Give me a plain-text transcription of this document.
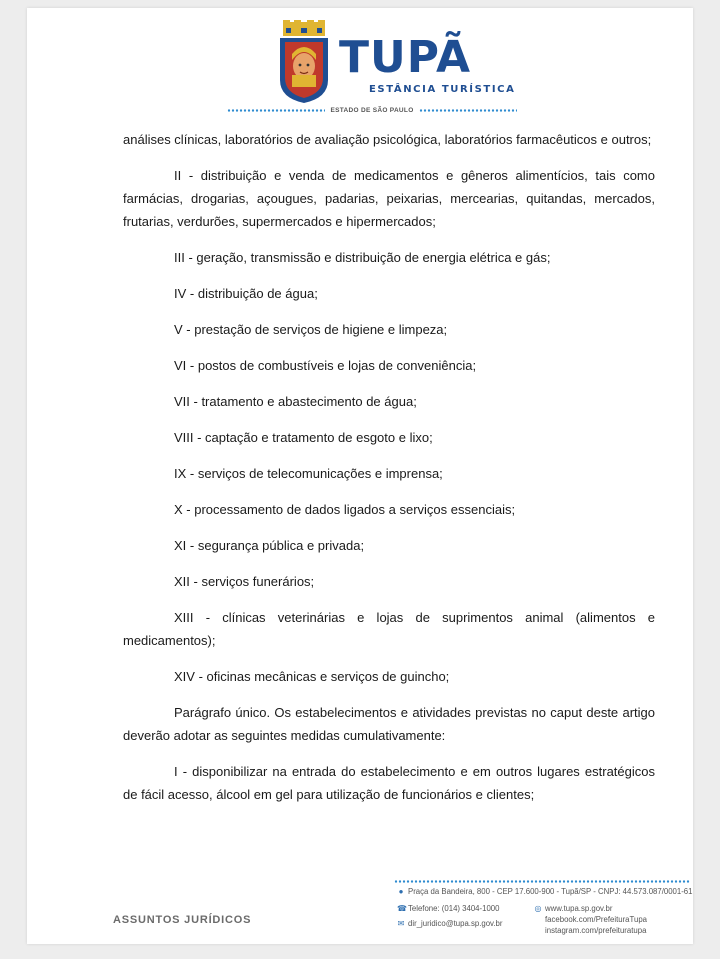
TUPÃ
ESTÂNCIA TURÍSTICA
ESTADO DE SÃO PAULO

análises clínicas, laboratórios de avaliação psicológica, laboratórios farmacêuticos e outros;

II - distribuição e venda de medicamentos e gêneros alimentícios, tais como farmácias, drogarias, açougues, padarias, peixarias, mercearias, quitandas, mercados, frutarias, verdurões, supermercados e hipermercados;

III - geração, transmissão e distribuição de energia elétrica e gás;

IV - distribuição de água;

V - prestação de serviços de higiene e limpeza;

VI - postos de combustíveis e lojas de conveniência;

VII - tratamento e abastecimento de água;

VIII - captação e tratamento de esgoto e lixo;

IX - serviços de telecomunicações e imprensa;

X - processamento de dados ligados a serviços essenciais;

XI - segurança pública e privada;

XII - serviços funerários;

XIII - clínicas veterinárias e lojas de suprimentos animal (alimentos e medicamentos);

XIV - oficinas mecânicas e serviços de guincho;

Parágrafo único. Os estabelecimentos e atividades previstas no caput deste artigo deverão adotar as seguintes medidas cumulativamente:

I - disponibilizar na entrada do estabelecimento e em outros lugares estratégicos de fácil acesso, álcool em gel para utilização de funcionários e clientes;

ASSUNTOS JURÍDICOS
● Praça da Bandeira, 800 - CEP 17.600-900 - Tupã/SP - CNPJ: 44.573.087/0001-61
☎ Telefone: (014) 3404-1000
✉ dir_juridico@tupa.sp.gov.br
◎ www.tupa.sp.gov.br
facebook.com/PrefeituraTupa
instagram.com/prefeituratupa
